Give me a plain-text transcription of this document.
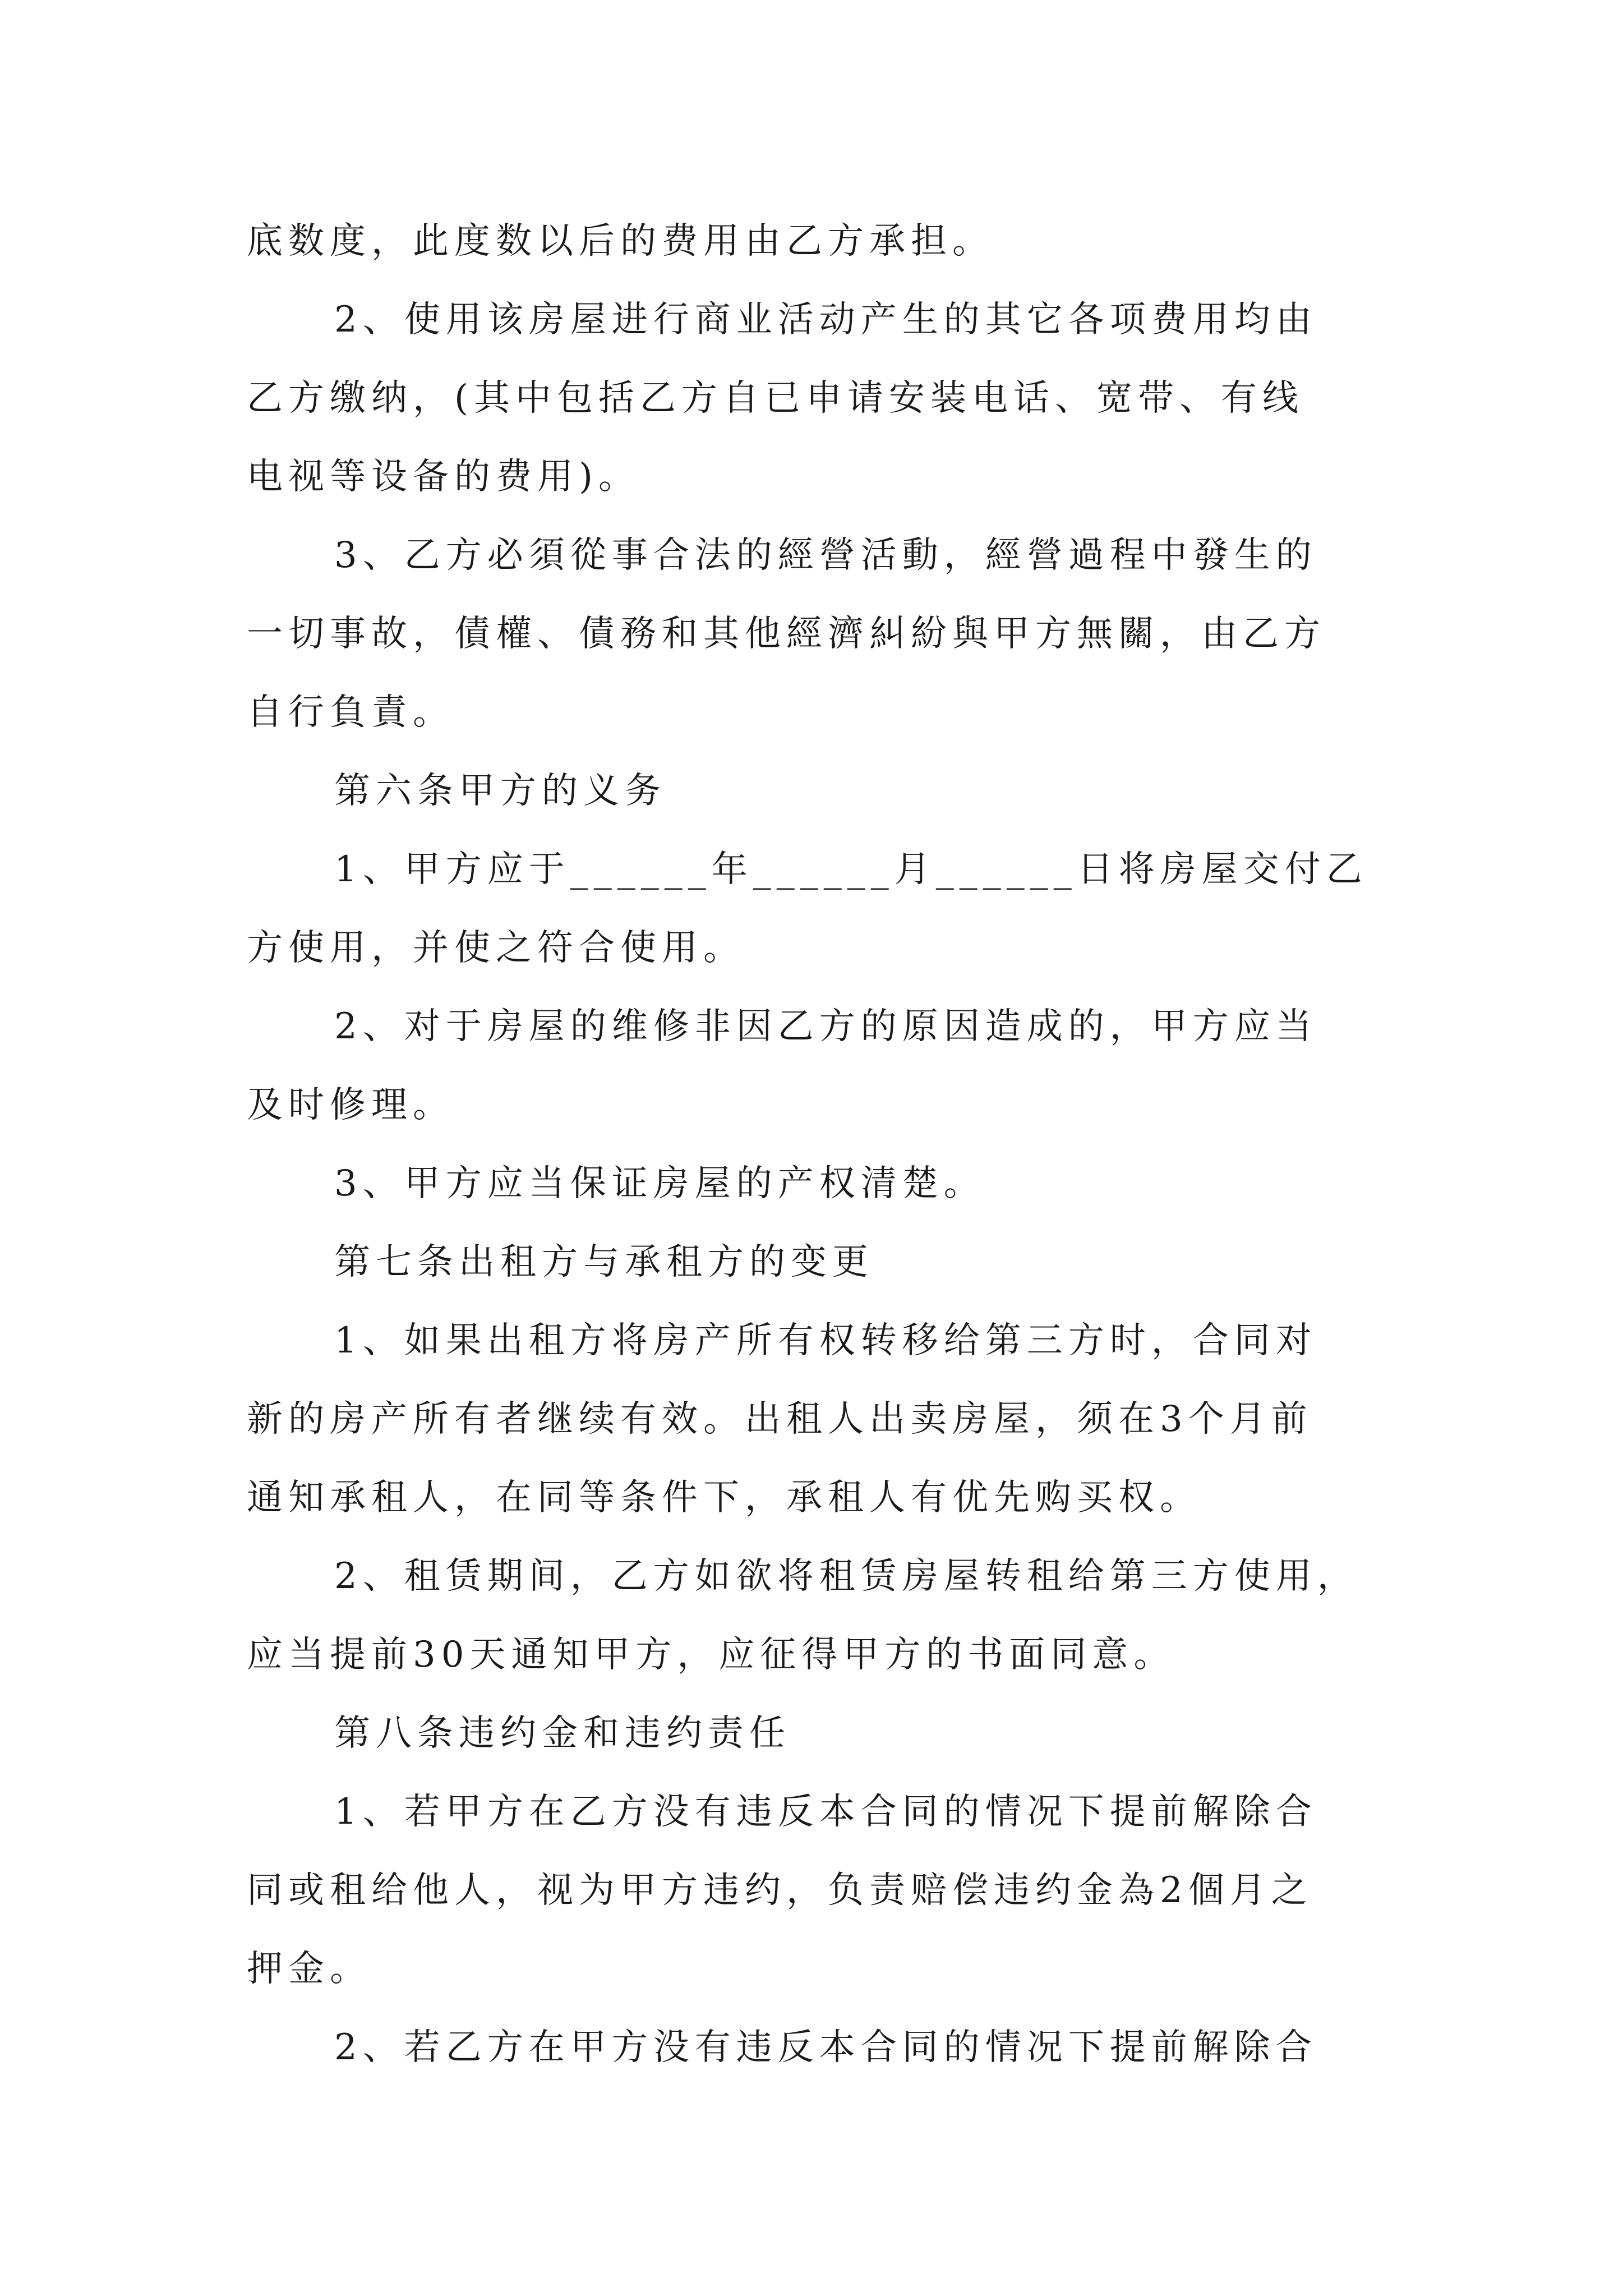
底数度，此度数以后的费用由乙方承担。
2、使用该房屋进行商业活动产生的其它各项费用均由
乙方缴纳，(其中包括乙方自已申请安装电话、宽带、有线
电视等设备的费用)。
3、乙方必須從事合法的經營活動，經營過程中發生的
一切事故，債權、債務和其他經濟糾紛與甲方無關，由乙方
自行負責。
第六条甲方的义务
1、甲方应于______年______月______日将房屋交付乙
方使用，并使之符合使用。
2、对于房屋的维修非因乙方的原因造成的，甲方应当
及时修理。
3、甲方应当保证房屋的产权清楚。
第七条出租方与承租方的变更
1、如果出租方将房产所有权转移给第三方时，合同对
新的房产所有者继续有效。出租人出卖房屋，须在3个月前
通知承租人，在同等条件下，承租人有优先购买权。
2、租赁期间，乙方如欲将租赁房屋转租给第三方使用，
应当提前30天通知甲方，应征得甲方的书面同意。
第八条违约金和违约责任
1、若甲方在乙方没有违反本合同的情况下提前解除合
同或租给他人，视为甲方违约，负责赔偿违约金為2個月之
押金。
2、若乙方在甲方没有违反本合同的情况下提前解除合
